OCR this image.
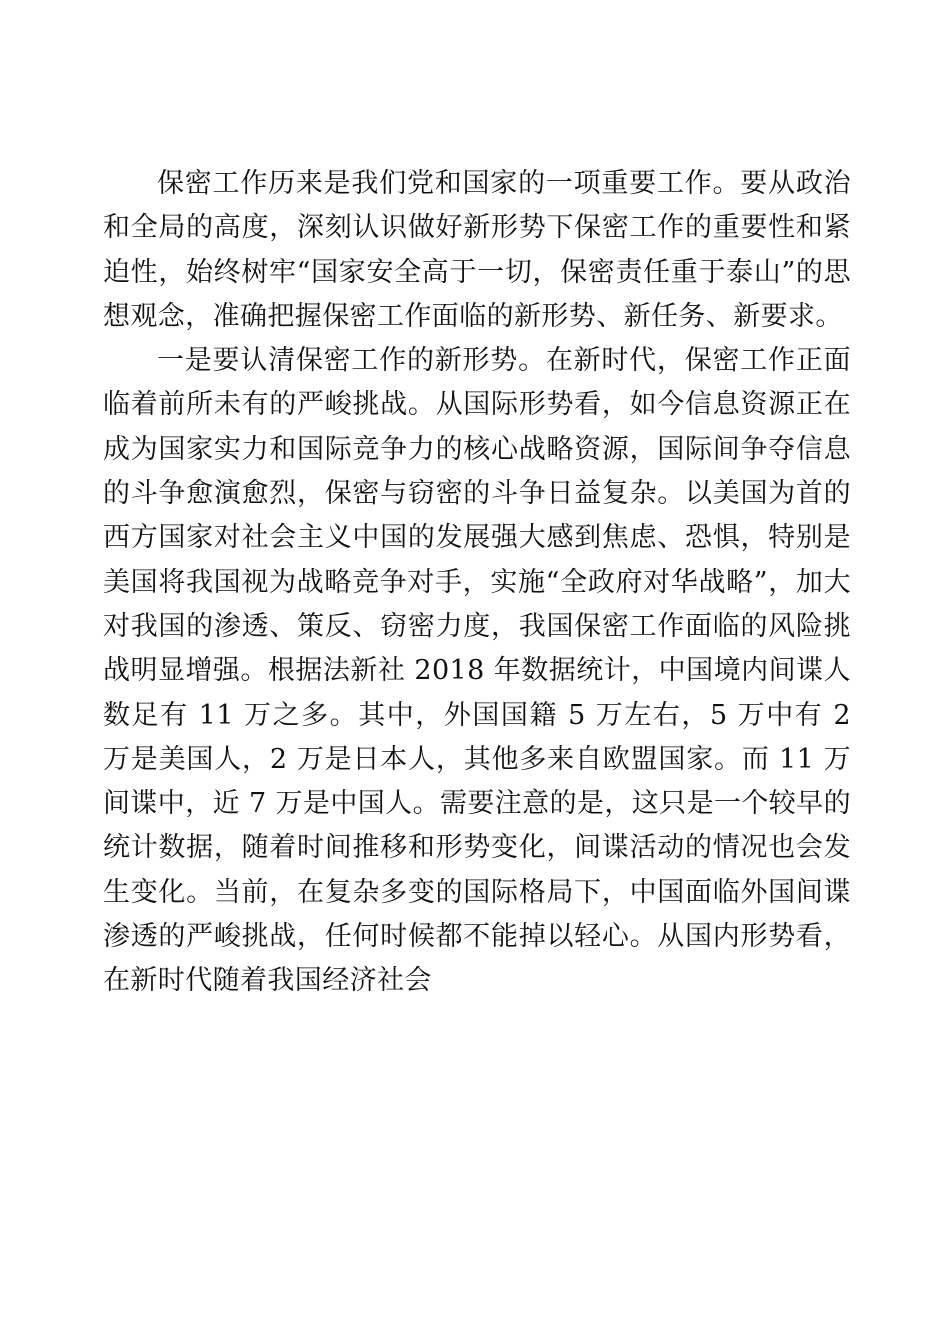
保密工作历来是我们党和国家的一项重要工作。要从政治和全局的高度，深刻认识做好新形势下保密工作的重要性和紧迫性，始终树牢“国家安全高于一切，保密责任重于泰山”的思想观念，准确把握保密工作面临的新形势、新任务、新要求。

一是要认清保密工作的新形势。在新时代，保密工作正面临着前所未有的严峻挑战。从国际形势看，如今信息资源正在成为国家实力和国际竞争力的核心战略资源，国际间争夺信息的斗争愈演愈烈，保密与窃密的斗争日益复杂。以美国为首的西方国家对社会主义中国的发展强大感到焦虑、恐惧，特别是美国将我国视为战略竞争对手，实施“全政府对华战略”，加大对我国的渗透、策反、窃密力度，我国保密工作面临的风险挑战明显增强。根据法新社 2018 年数据统计，中国境内间谍人数足有 11 万之多。其中，外国国籍 5 万左右，5 万中有 2 万是美国人，2 万是日本人，其他多来自欧盟国家。而 11 万间谍中，近 7 万是中国人。需要注意的是，这只是一个较早的统计数据，随着时间推移和形势变化，间谍活动的情况也会发生变化。当前，在复杂多变的国际格局下，中国面临外国间谍渗透的严峻挑战，任何时候都不能掉以轻心。从国内形势看，在新时代随着我国经济社会
